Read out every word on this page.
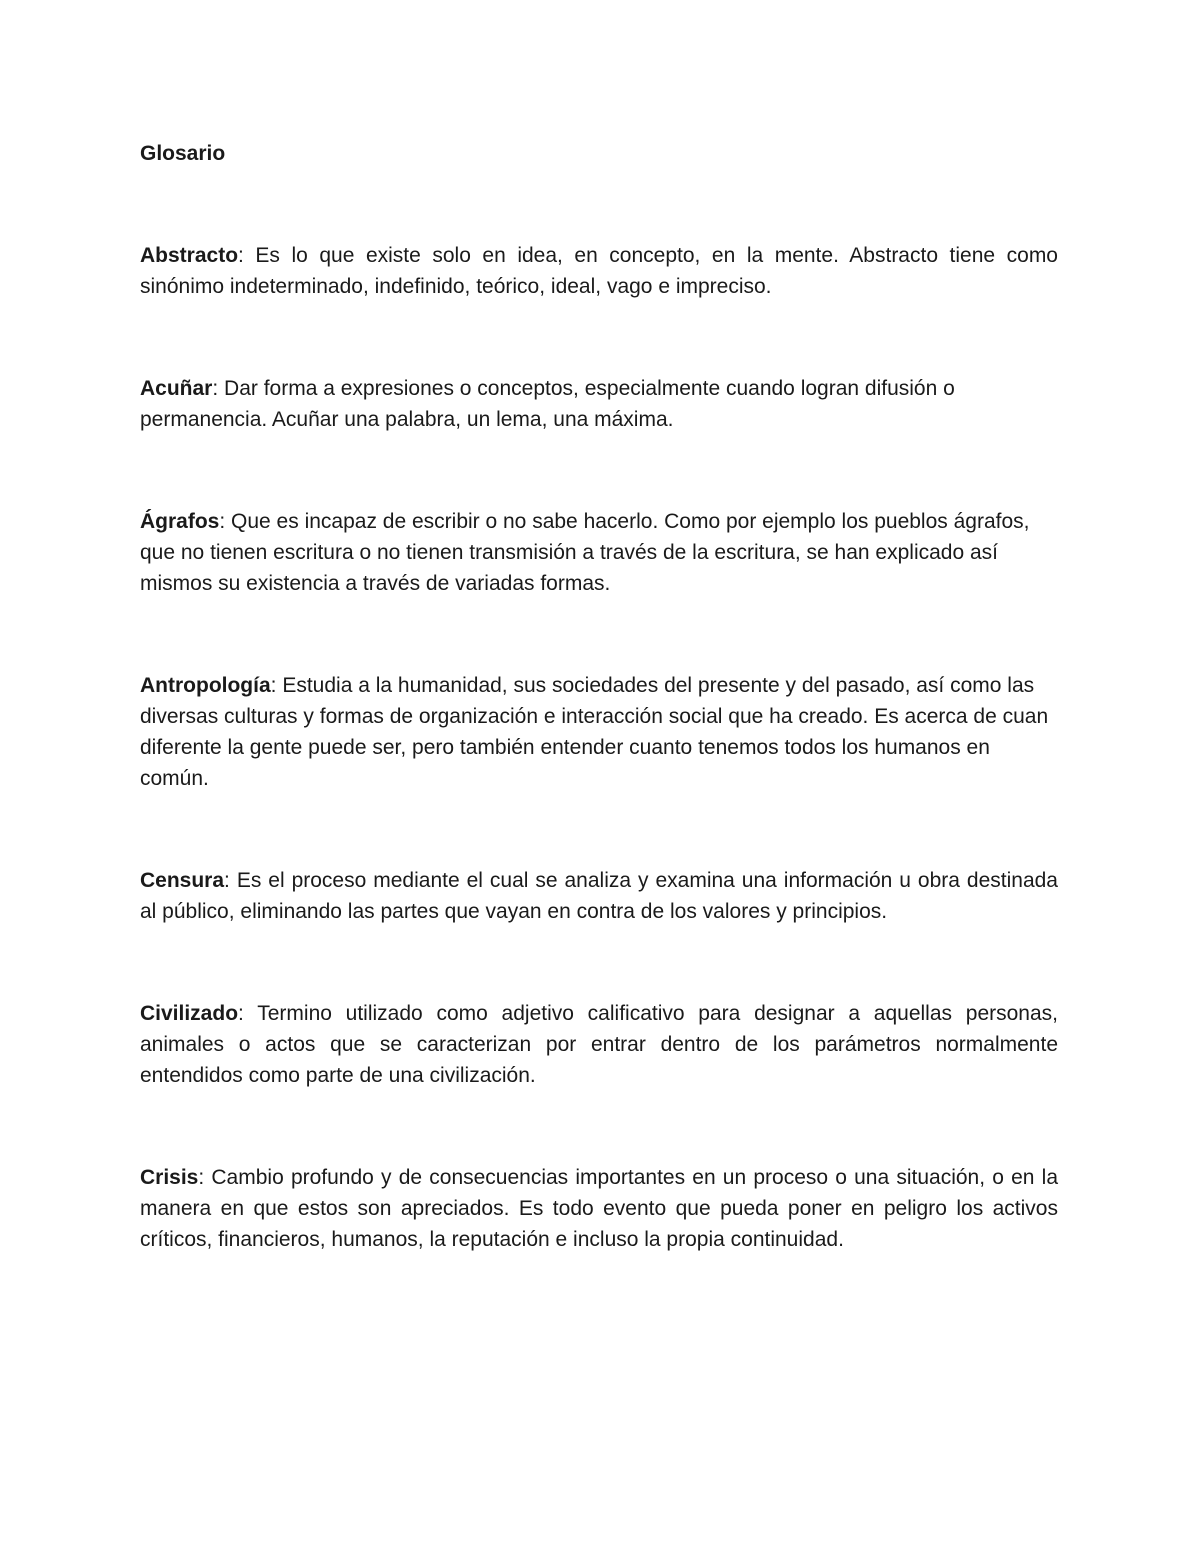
Glosario

Abstracto: Es lo que existe solo en idea, en concepto, en la mente. Abstracto tiene como sinónimo indeterminado, indefinido, teórico, ideal, vago e impreciso.

Acuñar: Dar forma a expresiones o conceptos, especialmente cuando logran difusión o permanencia. Acuñar una palabra, un lema, una máxima.

Ágrafos: Que es incapaz de escribir o no sabe hacerlo. Como por ejemplo los pueblos ágrafos, que no tienen escritura o no tienen transmisión a través de la escritura, se han explicado así mismos su existencia a través de variadas formas.

Antropología: Estudia a la humanidad, sus sociedades del presente y del pasado, así como las diversas culturas y formas de organización e interacción social que ha creado. Es acerca de cuan diferente la gente puede ser, pero también entender cuanto tenemos todos los humanos en común.

Censura: Es el proceso mediante el cual se analiza y examina una información u obra destinada al público, eliminando las partes que vayan en contra de los valores y principios.

Civilizado: Termino utilizado como adjetivo calificativo para designar a aquellas personas, animales o actos que se caracterizan por entrar dentro de los parámetros normalmente entendidos como parte de una civilización.

Crisis: Cambio profundo y de consecuencias importantes en un proceso o una situación, o en la manera en que estos son apreciados. Es todo evento que pueda poner en peligro los activos críticos, financieros, humanos, la reputación e incluso la propia continuidad.
